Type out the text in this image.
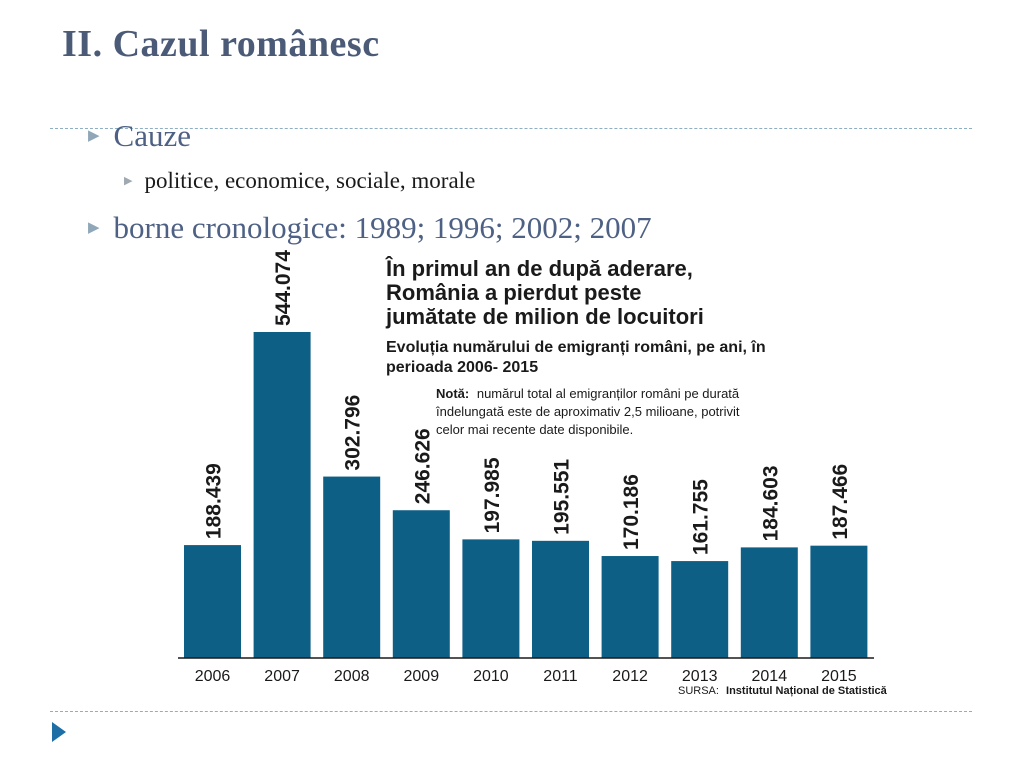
II. Cazul românesc
▶ Cauze
▶ politice, economice, sociale, morale
▶ borne cronologice: 1989; 1996; 2002; 2007
În primul an de după aderare,
România a pierdut peste
jumătate de milion de locuitori
Evoluția numărului de emigranți români, pe ani, în
perioada 2006- 2015
Notă: numărul total al emigranților români pe durată
îndelungată este de aproximativ 2,5 milioane, potrivit
celor mai recente date disponibile.
188.439
544.074
302.796 246.626 197.985 195.551 170.186 161.755 184.603 187.466
2006 2007 2008 2009 2010 2011 2012 2013 2014 2015
SURSA: Institutul Național de Statistică
